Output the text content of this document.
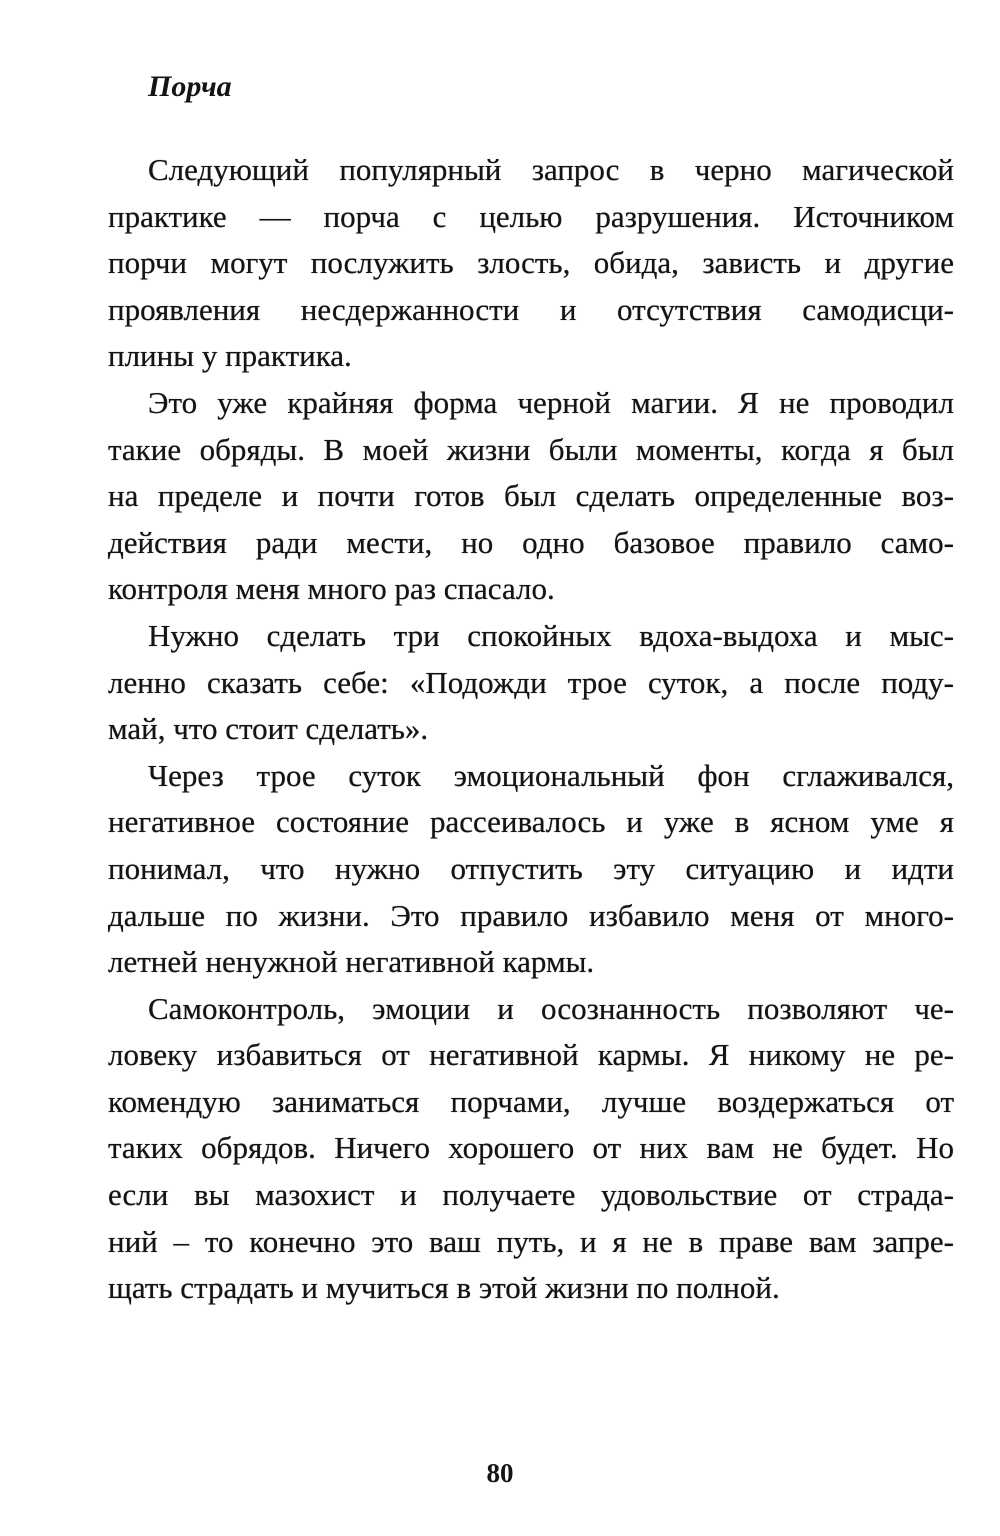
Порча
Следующий популярный запрос в черно магической
практике — порча с целью разрушения. Источником
порчи могут послужить злость, обида, зависть и другие
проявления несдержанности и отсутствия самодисци-
плины у практика.
Это уже крайняя форма черной магии. Я не проводил
такие обряды. В моей жизни были моменты, когда я был
на пределе и почти готов был сделать определенные воз-
действия ради мести, но одно базовое правило само-
контроля меня много раз спасало.
Нужно сделать три спокойных вдоха-выдоха и мыс-
ленно сказать себе: «Подожди трое суток, а после поду-
май, что стоит сделать».
Через трое суток эмоциональный фон сглаживался,
негативное состояние рассеивалось и уже в ясном уме я
понимал, что нужно отпустить эту ситуацию и идти
дальше по жизни. Это правило избавило меня от много-
летней ненужной негативной кармы.
Самоконтроль, эмоции и осознанность позволяют че-
ловеку избавиться от негативной кармы. Я никому не ре-
комендую заниматься порчами, лучше воздержаться от
таких обрядов. Ничего хорошего от них вам не будет. Но
если вы мазохист и получаете удовольствие от страда-
ний – то конечно это ваш путь, и я не в праве вам запре-
щать страдать и мучиться в этой жизни по полной.
80
